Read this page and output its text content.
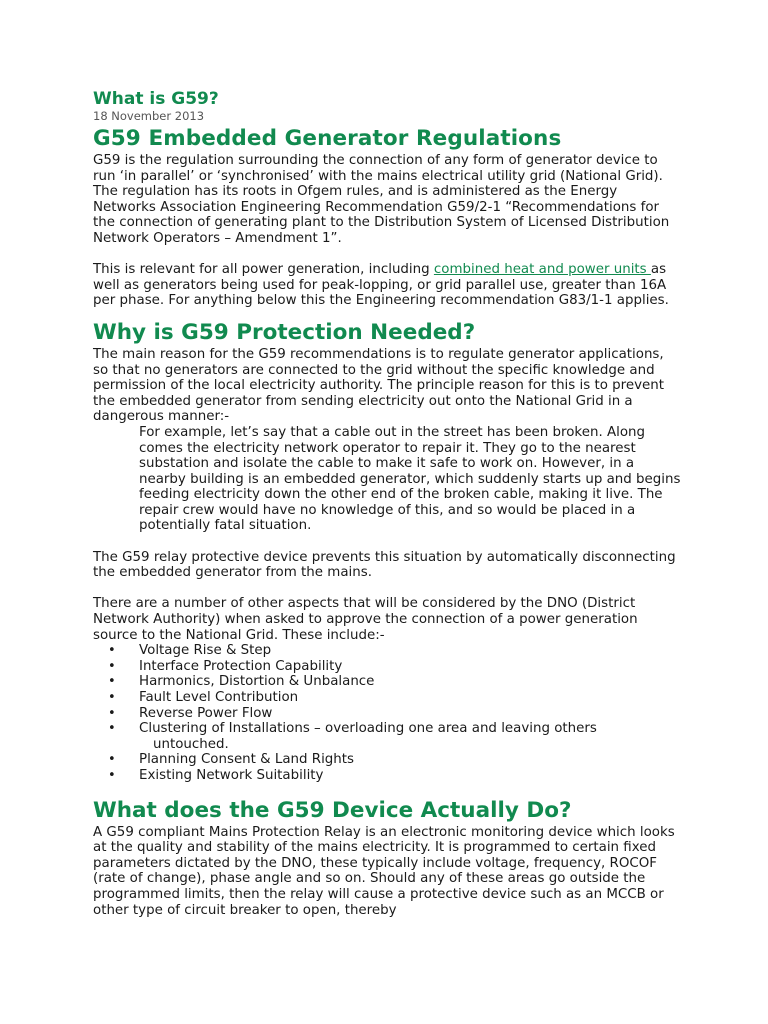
What is G59?
18 November 2013
G59 Embedded Generator Regulations

G59 is the regulation surrounding the connection of any form of generator device to run ‘in parallel’ or ‘synchronised’ with the mains electrical utility grid (National Grid). The regulation has its roots in Ofgem rules, and is administered as the Energy Networks Association Engineering Recommendation G59/2-1 “Recommendations for the connection of generating plant to the Distribution System of Licensed Distribution Network Operators – Amendment 1”.

This is relevant for all power generation, including combined heat and power units as well as generators being used for peak-lopping, or grid parallel use, greater than 16A per phase. For anything below this the Engineering recommendation G83/1-1 applies.

Why is G59 Protection Needed?

The main reason for the G59 recommendations is to regulate generator applications, so that no generators are connected to the grid without the specific knowledge and permission of the local electricity authority. The principle reason for this is to prevent the embedded generator from sending electricity out onto the National Grid in a dangerous manner:-

For example, let’s say that a cable out in the street has been broken. Along comes the electricity network operator to repair it. They go to the nearest substation and isolate the cable to make it safe to work on. However, in a nearby building is an embedded generator, which suddenly starts up and begins feeding electricity down the other end of the broken cable, making it live. The repair crew would have no knowledge of this, and so would be placed in a potentially fatal situation.

The G59 relay protective device prevents this situation by automatically disconnecting the embedded generator from the mains.

There are a number of other aspects that will be considered by the DNO (District Network Authority) when asked to approve the connection of a power generation source to the National Grid. These include:-

• Voltage Rise & Step
• Interface Protection Capability
• Harmonics, Distortion & Unbalance
• Fault Level Contribution
• Reverse Power Flow
• Clustering of Installations – overloading one area and leaving others
untouched.
• Planning Consent & Land Rights
• Existing Network Suitability
What does the G59 Device Actually Do?

A G59 compliant Mains Protection Relay is an electronic monitoring device which looks at the quality and stability of the mains electricity. It is programmed to certain fixed parameters dictated by the DNO, these typically include voltage, frequency, ROCOF (rate of change), phase angle and so on. Should any of these areas go outside the programmed limits, then the relay will cause a protective device such as an MCCB or other type of circuit breaker to open, thereby
